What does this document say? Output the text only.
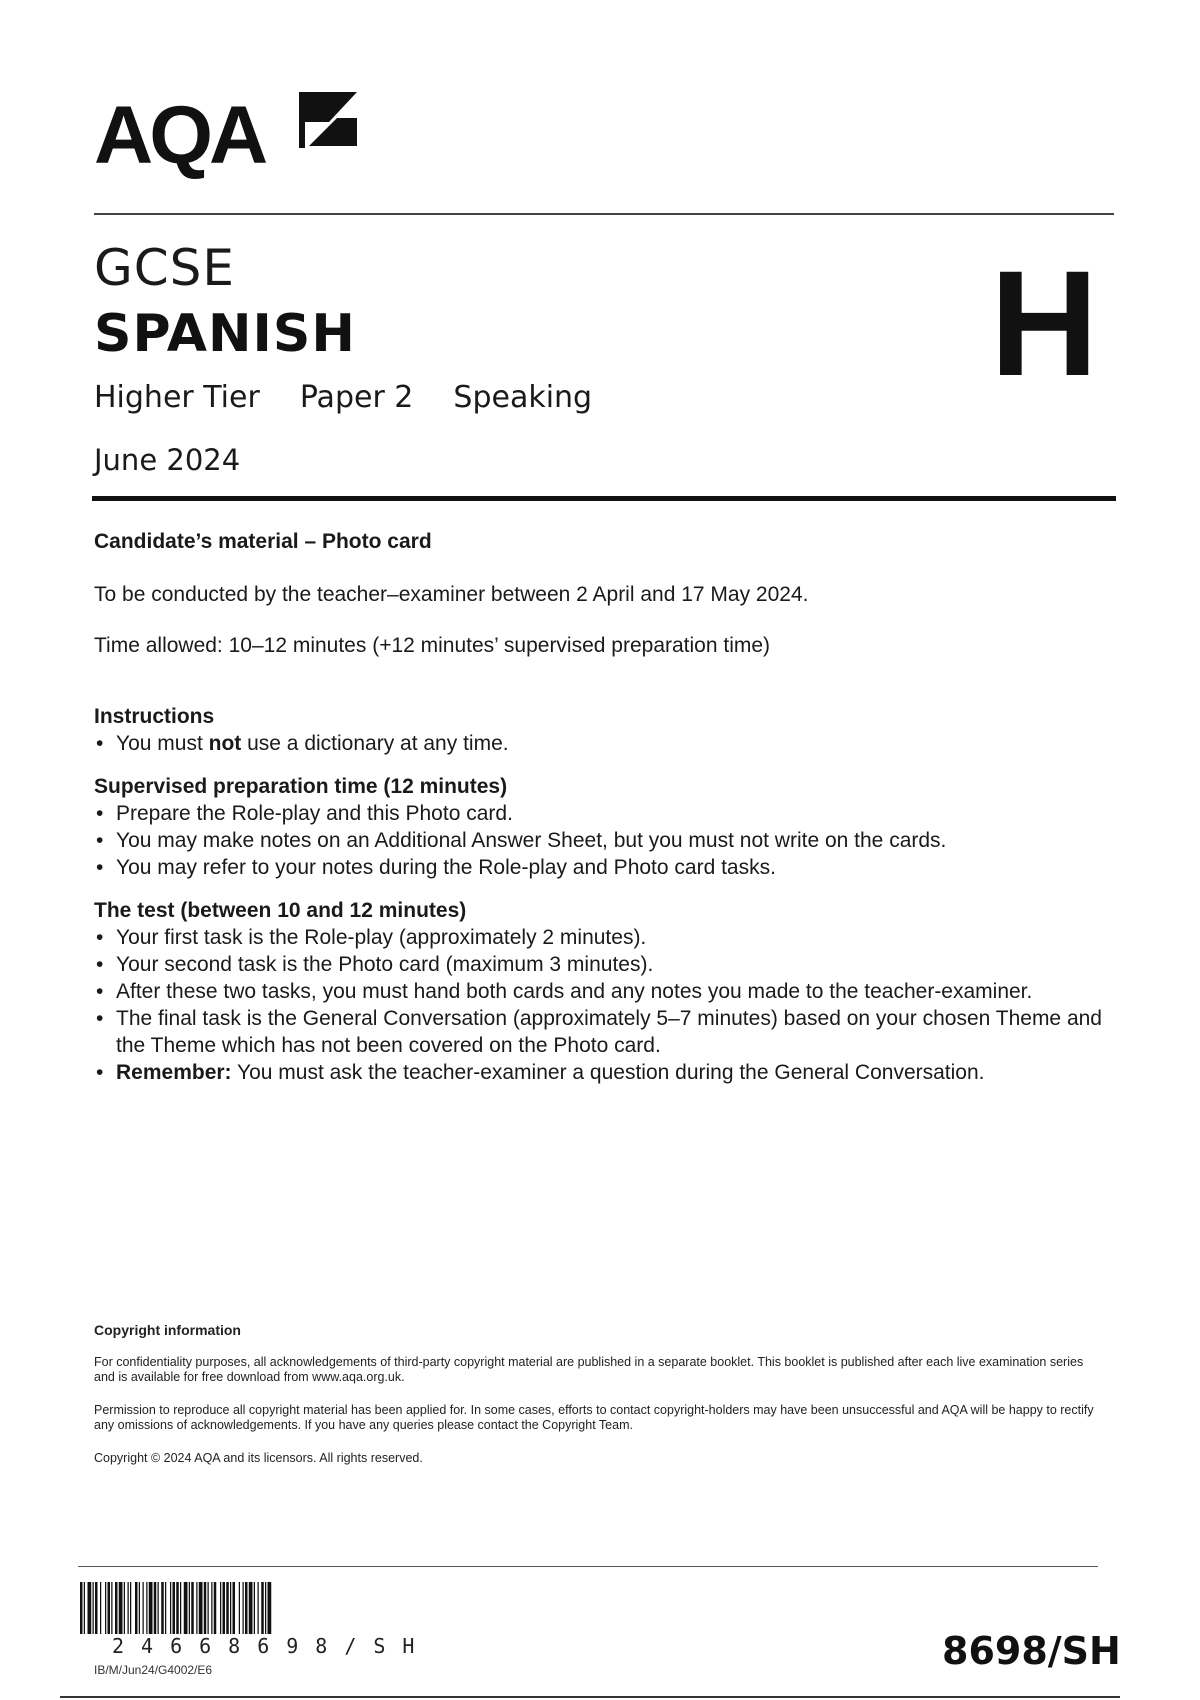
AQA
GCSE
SPANISH
Higher Tier Paper 2 Speaking
June 2024
H

Candidate’s material – Photo card

To be conducted by the teacher–examiner between 2 April and 17 May 2024.

Time allowed: 10–12 minutes (+12 minutes’ supervised preparation time)

Instructions

• You must not use a dictionary at any time.

Supervised preparation time (12 minutes)

• Prepare the Role-play and this Photo card.
• You may make notes on an Additional Answer Sheet, but you must not write on the cards.
• You may refer to your notes during the Role-play and Photo card tasks.

The test (between 10 and 12 minutes)

• Your first task is the Role-play (approximately 2 minutes).
• Your second task is the Photo card (maximum 3 minutes).
• After these two tasks, you must hand both cards and any notes you made to the teacher-examiner.
• The final task is the General Conversation (approximately 5–7 minutes) based on your chosen Theme and the Theme which has not been covered on the Photo card.
• Remember: You must ask the teacher-examiner a question during the General Conversation.

Copyright information

For confidentiality purposes, all acknowledgements of third-party copyright material are published in a separate booklet. This booklet is published after each live examination series and is available for free download from www.aqa.org.uk.

Permission to reproduce all copyright material has been applied for. In some cases, efforts to contact copyright-holders may have been unsuccessful and AQA will be happy to rectify any omissions of acknowledgements. If you have any queries please contact the Copyright Team.

Copyright © 2024 AQA and its licensors. All rights reserved.

24668698/SH
IB/M/Jun24/G4002/E6	8698/SH
